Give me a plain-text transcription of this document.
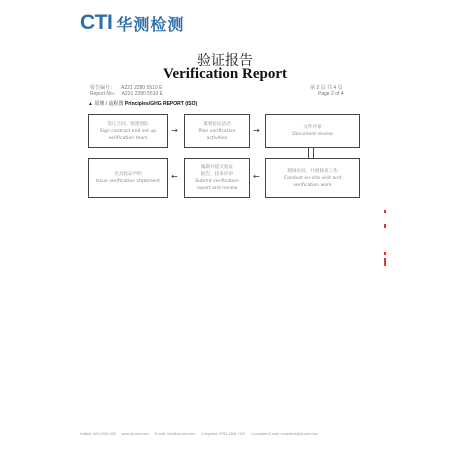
CTI 华测检测
验证报告
Verification Report
报告编号： A221 2280 5510 E
Report No.: A221 2280 5510 E
第 2 页 共 4 页
Page 2 of 4
▲ 原理 / 流程图 Principles/GHG REPORT (ISO)
签订合同，组建团队
Sign contract and set up
verification team
→
策划验证活动
Plan verification
activities
→	文件评审
Document review
出具验证声明
Issue verification statement
←
编制并提交验证
报告，技术评审
Submit verification
report and review
←
现场访问，开展核查工作
Conduct on-site visit and
verification work
Hotline: 400-6788-333 www.cti-cert.com E-mail: info@cti-cert.com Complaint: 0755-3368 1700 Complaint E-mail: complaint@cti-cert.com
